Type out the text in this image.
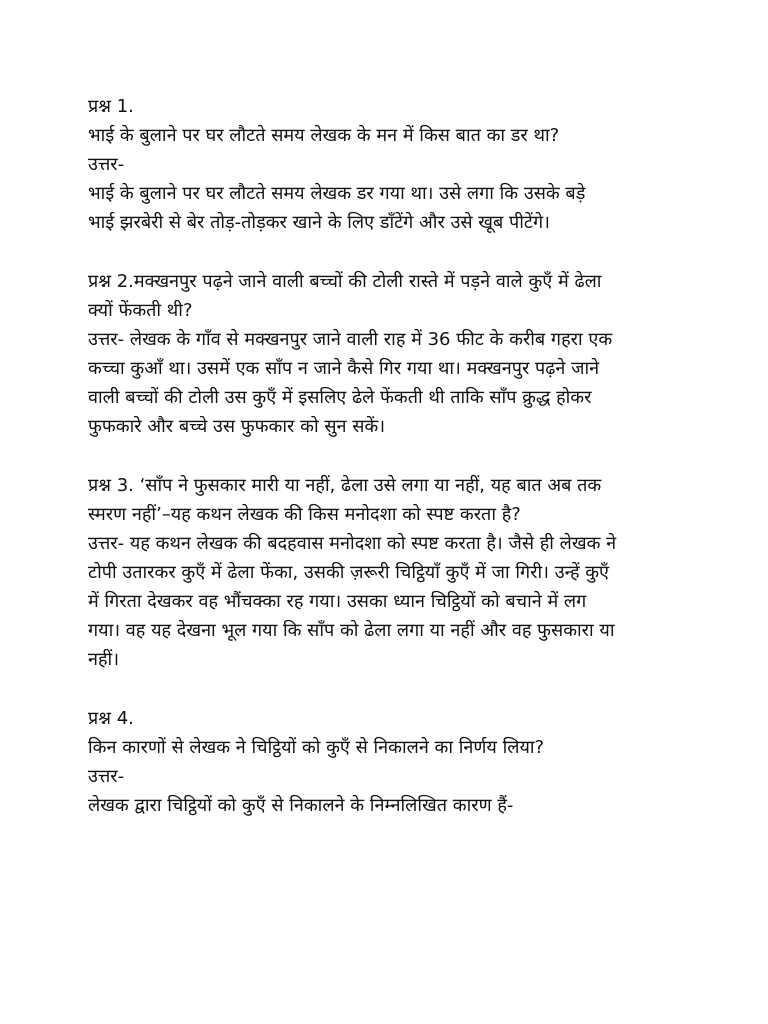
प्रश्न 1.

भाई के बुलाने पर घर लौटते समय लेखक के मन में किस बात का डर था?

उत्तर-

भाई के बुलाने पर घर लौटते समय लेखक डर गया था। उसे लगा कि उसके बड़े

भाई झरबेरी से बेर तोड़-तोड़कर खाने के लिए डाँटेंगे और उसे खूब पीटेंगे।

प्रश्न 2.मक्खनपुर पढ़ने जाने वाली बच्चों की टोली रास्ते में पड़ने वाले कुएँ में ढेला

क्यों फेंकती थी?

उत्तर- लेखक के गाँव से मक्खनपुर जाने वाली राह में 36 फीट के करीब गहरा एक

कच्चा कुआँ था। उसमें एक साँप न जाने कैसे गिर गया था। मक्खनपुर पढ़ने जाने

वाली बच्चों की टोली उस कुएँ में इसलिए ढेले फेंकती थी ताकि साँप क्रुद्ध होकर

फुफकारे और बच्चे उस फुफकार को सुन सकें।

प्रश्न 3. ‘साँप ने फुसकार मारी या नहीं, ढेला उसे लगा या नहीं, यह बात अब तक

स्मरण नहीं’–यह कथन लेखक की किस मनोदशा को स्पष्ट करता है?

उत्तर- यह कथन लेखक की बदहवास मनोदशा को स्पष्ट करता है। जैसे ही लेखक ने

टोपी उतारकर कुएँ में ढेला फेंका, उसकी ज़रूरी चिट्ठियाँ कुएँ में जा गिरी। उन्हें कुएँ

में गिरता देखकर वह भौंचक्का रह गया। उसका ध्यान चिट्ठियों को बचाने में लग

गया। वह यह देखना भूल गया कि साँप को ढेला लगा या नहीं और वह फुसकारा या

नहीं।

प्रश्न 4.

किन कारणों से लेखक ने चिट्ठियों को कुएँ से निकालने का निर्णय लिया?

उत्तर-

लेखक द्वारा चिट्ठियों को कुएँ से निकालने के निम्नलिखित कारण हैं-
